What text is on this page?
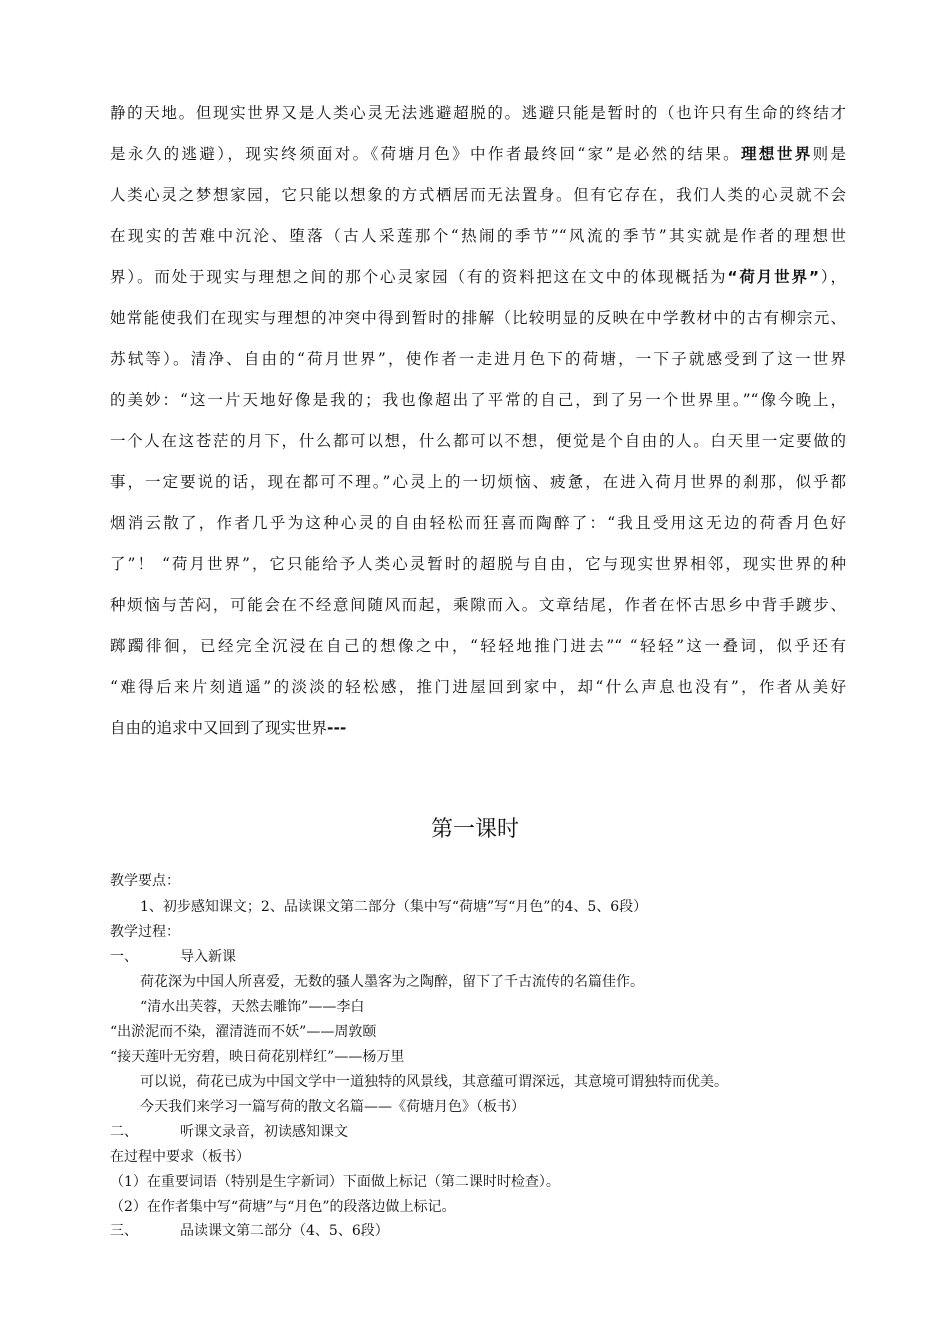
静的天地。但现实世界又是人类心灵无法逃避超脱的。逃避只能是暂时的（也许只有生命的终结才
是永久的逃避），现实终须面对。《荷塘月色》中作者最终回“家”是必然的结果。理想世界则是
人类心灵之梦想家园，它只能以想象的方式栖居而无法置身。但有它存在，我们人类的心灵就不会
在现实的苦难中沉沦、堕落（古人采莲那个“热闹的季节”“风流的季节”其实就是作者的理想世
界）。而处于现实与理想之间的那个心灵家园（有的资料把这在文中的体现概括为“荷月世界”），
她常能使我们在现实与理想的冲突中得到暂时的排解（比较明显的反映在中学教材中的古有柳宗元、
苏轼等）。清净、自由的“荷月世界”，使作者一走进月色下的荷塘，一下子就感受到了这一世界
的美妙：“这一片天地好像是我的；我也像超出了平常的自己，到了另一个世界里。”“像今晚上，
一个人在这苍茫的月下，什么都可以想，什么都可以不想，便觉是个自由的人。白天里一定要做的
事，一定要说的话，现在都可不理。”心灵上的一切烦恼、疲惫，在进入荷月世界的刹那，似乎都
烟消云散了，作者几乎为这种心灵的自由轻松而狂喜而陶醉了：“我且受用这无边的荷香月色好
了”！ “荷月世界”，它只能给予人类心灵暂时的超脱与自由，它与现实世界相邻，现实世界的种
种烦恼与苦闷，可能会在不经意间随风而起，乘隙而入。文章结尾，作者在怀古思乡中背手踱步、
踯躅徘徊，已经完全沉浸在自己的想像之中，“轻轻地推门进去”“ “轻轻”这一叠词，似乎还有
“难得后来片刻逍遥”的淡淡的轻松感，推门进屋回到家中，却“什么声息也没有”，作者从美好
自由的追求中又回到了现实世界---
第一课时
教学要点：
1、初步感知课文；2、品读课文第二部分（集中写“荷塘”写“月色”的4、5、6段）
教学过程：
一、	导入新课
荷花深为中国人所喜爱，无数的骚人墨客为之陶醉，留下了千古流传的名篇佳作。
“清水出芙蓉，天然去雕饰”——李白
“出淤泥而不染，濯清涟而不妖”——周敦颐
“接天莲叶无穷碧，映日荷花别样红”——杨万里
可以说，荷花已成为中国文学中一道独特的风景线，其意蕴可谓深远，其意境可谓独特而优美。
今天我们来学习一篇写荷的散文名篇——《荷塘月色》（板书）
二、	听课文录音，初读感知课文
在过程中要求（板书）
（1）在重要词语（特别是生字新词）下面做上标记（第二课时时检查）。
（2）在作者集中写“荷塘”与“月色”的段落边做上标记。
三、	品读课文第二部分（4、5、6段）
